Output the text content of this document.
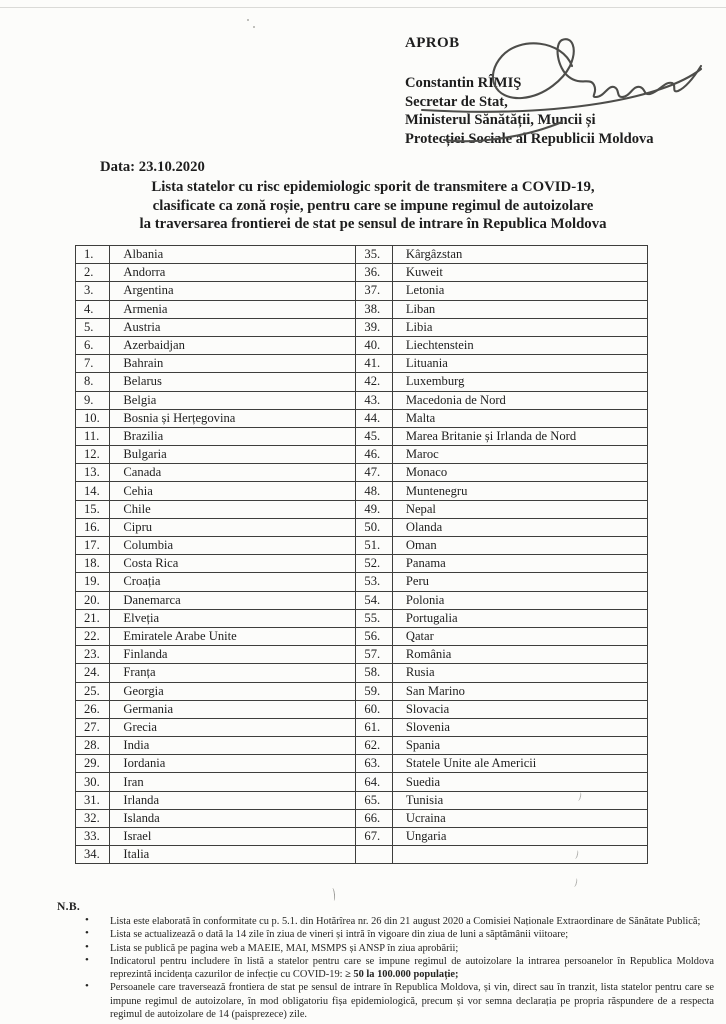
APROB
Constantin RÎMIŞ
Secretar de Stat,
Ministerul Sănătății, Muncii și
Protecției Sociale al Republicii Moldova
Data: 23.10.2020
Lista statelor cu risc epidemiologic sporit de transmitere a COVID-19,
clasificate ca zonă roșie, pentru care se impune regimul de autoizolare
la traversarea frontierei de stat pe sensul de intrare în Republica Moldova
1.	Albania	35.	Kârgâzstan
2.	Andorra	36.	Kuweit
3.	Argentina	37.	Letonia
4.	Armenia	38.	Liban
5.	Austria	39.	Libia
6.	Azerbaidjan	40.	Liechtenstein
7.	Bahrain	41.	Lituania
8.	Belarus	42.	Luxemburg
9.	Belgia	43.	Macedonia de Nord
10.	Bosnia și Herțegovina	44.	Malta
11.	Brazilia	45.	Marea Britanie și Irlanda de Nord
12.	Bulgaria	46.	Maroc
13.	Canada	47.	Monaco
14.	Cehia	48.	Muntenegru
15.	Chile	49.	Nepal
16.	Cipru	50.	Olanda
17.	Columbia	51.	Oman
18.	Costa Rica	52.	Panama
19.	Croația	53.	Peru
20.	Danemarca	54.	Polonia
21.	Elveția	55.	Portugalia
22.	Emiratele Arabe Unite	56.	Qatar
23.	Finlanda	57.	România
24.	Franța	58.	Rusia
25.	Georgia	59.	San Marino
26.	Germania	60.	Slovacia
27.	Grecia	61.	Slovenia
28.	India	62.	Spania
29.	Iordania	63.	Statele Unite ale Americii
30.	Iran	64.	Suedia
31.	Irlanda	65.	Tunisia
32.	Islanda	66.	Ucraina
33.	Israel	67.	Ungaria
34.	Italia		
N.B.
• Lista este elaborată în conformitate cu p. 5.1. din Hotărîrea nr. 26 din 21 august 2020 a Comisiei Naționale Extraordinare de Sănătate Publică;
• Lista se actualizează o dată la 14 zile în ziua de vineri și intră în vigoare din ziua de luni a săptămânii viitoare;
• Lista se publică pe pagina web a MAEIE, MAI, MSMPS și ANSP în ziua aprobării;
• Indicatorul pentru includere în listă a statelor pentru care se impune regimul de autoizolare la intrarea persoanelor în Republica Moldova reprezintă incidența cazurilor de infecție cu COVID-19: ≥ 50 la 100.000 populație;
• Persoanele care traversează frontiera de stat pe sensul de intrare în Republica Moldova, și vin, direct sau în tranzit, lista statelor pentru care se impune regimul de autoizolare, în mod obligatoriu fișa epidemiologică, precum și vor semna declarația pe propria răspundere de a respecta regimul de autoizolare de 14 (paisprezece) zile.
